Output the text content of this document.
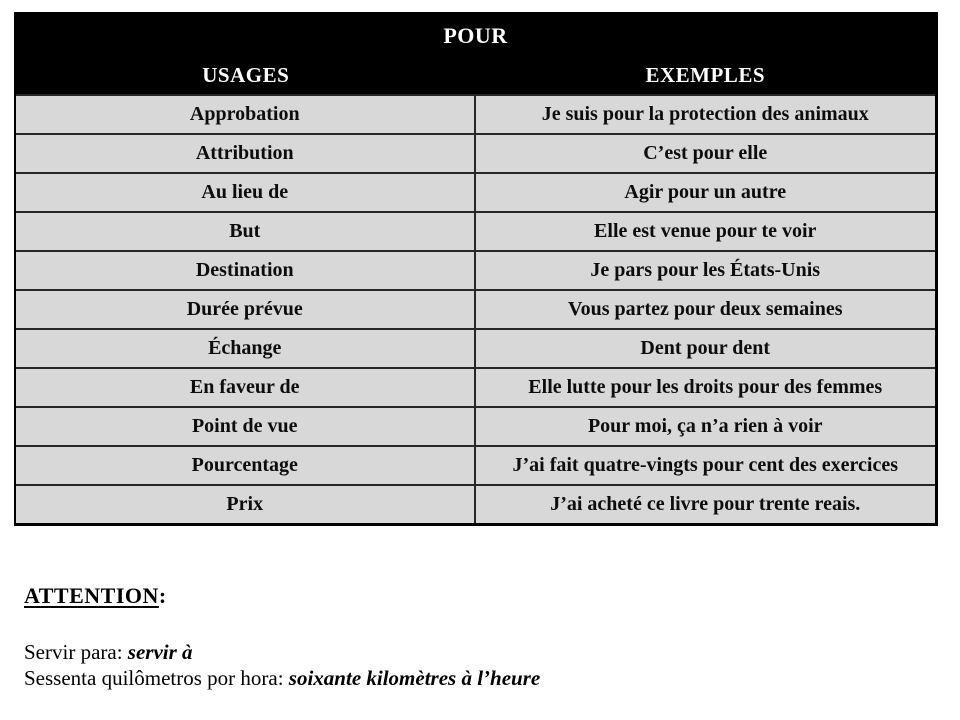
POUR
USAGES	EXEMPLES
Approbation	Je suis pour la protection des animaux
Attribution	C’est pour elle
Au lieu de	Agir pour un autre
But	Elle est venue pour te voir
Destination	Je pars pour les États-Unis
Durée prévue	Vous partez pour deux semaines
Échange	Dent pour dent
En faveur de	Elle lutte pour les droits pour des femmes
Point de vue	Pour moi, ça n’a rien à voir
Pourcentage	J’ai fait quatre-vingts pour cent des exercices
Prix	J’ai acheté ce livre pour trente reais.
ATTENTION:
Servir para: servir à
Sessenta quilômetros por hora: soixante kilomètres à l’heure
